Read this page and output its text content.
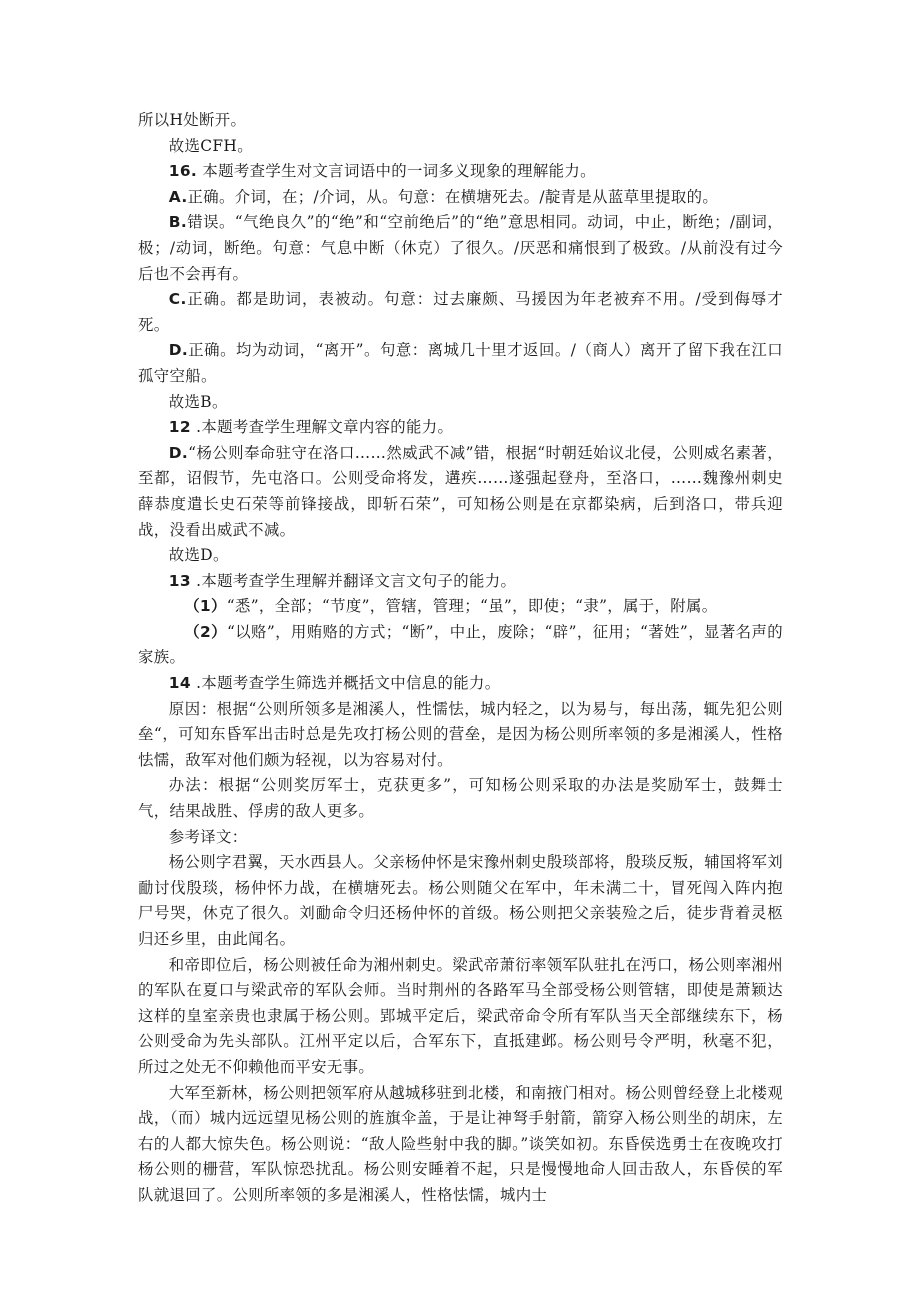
所以H处断开。

故选CFH。

16. 本题考查学生对文言词语中的一词多义现象的理解能力。

A.正确。介词，在；/介词，从。句意：在横塘死去。/靛青是从蓝草里提取的。

B.错误。“气绝良久”的“绝”和“空前绝后”的“绝”意思相同。动词，中止，断绝；/副词，极；/动词，断绝。句意：气息中断（休克）了很久。/厌恶和痛恨到了极致。/从前没有过今后也不会再有。

C.正确。都是助词，表被动。句意：过去廉颇、马援因为年老被弃不用。/受到侮辱才死。

D.正确。均为动词，“离开”。句意：离城几十里才返回。/（商人）离开了留下我在江口孤守空船。

故选B。

12 .本题考查学生理解文章内容的能力。

D.“杨公则奉命驻守在洛口……然威武不减”错，根据“时朝廷始议北侵，公则威名素著，至都，诏假节，先屯洛口。公则受命将发，遘疾……遂强起登舟，至洛口，……魏豫州刺史薛恭度遣长史石荣等前锋接战，即斩石荣”，可知杨公则是在京都染病，后到洛口，带兵迎战，没看出威武不减。

故选D。

13 .本题考查学生理解并翻译文言文句子的能力。

（1）“悉”，全部；“节度”，管辖，管理；“虽”，即使；“隶”，属于，附属。

（2）“以赂”，用贿赂的方式；“断”，中止，废除；“辟”，征用；“著姓”，显著名声的家族。

14 .本题考查学生筛选并概括文中信息的能力。

原因：根据“公则所领多是湘溪人，性懦怯，城内轻之，以为易与，每出荡，辄先犯公则垒“，可知东昏军出击时总是先攻打杨公则的营垒，是因为杨公则所率领的多是湘溪人，性格怯懦，敌军对他们颇为轻视，以为容易对付。

办法：根据“公则奖厉军士，克获更多”，可知杨公则采取的办法是奖励军士，鼓舞士气，结果战胜、俘虏的敌人更多。

参考译文：

杨公则字君翼，天水西县人。父亲杨仲怀是宋豫州刺史殷琰部将，殷琰反叛，辅国将军刘勔讨伐殷琰，杨仲怀力战，在横塘死去。杨公则随父在军中，年未满二十，冒死闯入阵内抱尸号哭，休克了很久。刘勔命令归还杨仲怀的首级。杨公则把父亲装殓之后，徒步背着灵柩归还乡里，由此闻名。

和帝即位后，杨公则被任命为湘州刺史。梁武帝萧衍率领军队驻扎在沔口，杨公则率湘州的军队在夏口与梁武帝的军队会师。当时荆州的各路军马全部受杨公则管辖，即使是萧颖达这样的皇室亲贵也隶属于杨公则。郢城平定后，梁武帝命令所有军队当天全部继续东下，杨公则受命为先头部队。江州平定以后，合军东下，直抵建邺。杨公则号令严明，秋毫不犯，所过之处无不仰赖他而平安无事。

大军至新林，杨公则把领军府从越城移驻到北楼，和南掖门相对。杨公则曾经登上北楼观战，（而）城内远远望见杨公则的旌旗伞盖，于是让神弩手射箭，箭穿入杨公则坐的胡床，左右的人都大惊失色。杨公则说：“敌人险些射中我的脚。”谈笑如初。东昏侯选勇士在夜晚攻打杨公则的栅营，军队惊恐扰乱。杨公则安睡着不起，只是慢慢地命人回击敌人，东昏侯的军队就退回了。公则所率领的多是湘溪人，性格怯懦，城内士
